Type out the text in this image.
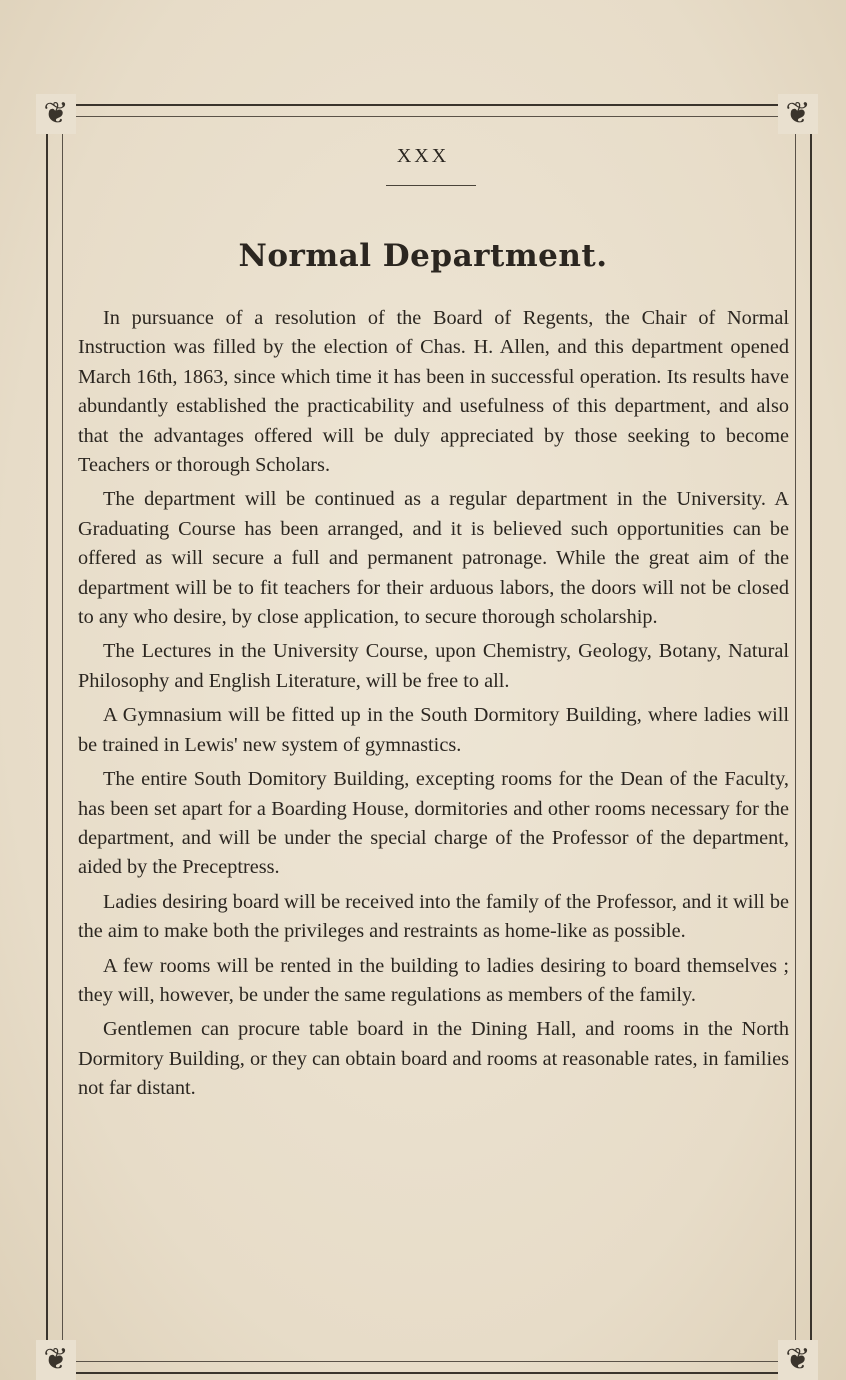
❦	❦
❦	❦
XXX
Normal Department.

In pursuance of a resolution of the Board of Regents, the Chair of Normal Instruction was filled by the election of Chas. H. Allen, and this department opened March 16th, 1863, since which time it has been in successful operation. Its results have abundantly established the practicability and usefulness of this department, and also that the advantages offered will be duly appreciated by those seeking to become Teachers or thorough Scholars.

The department will be continued as a regular department in the University. A Graduating Course has been arranged, and it is believed such opportunities can be offered as will secure a full and permanent patronage. While the great aim of the department will be to fit teachers for their arduous labors, the doors will not be closed to any who desire, by close application, to secure thorough scholarship.

The Lectures in the University Course, upon Chemistry, Geology, Botany, Natural Philosophy and English Literature, will be free to all.

A Gymnasium will be fitted up in the South Dormitory Building, where ladies will be trained in Lewis' new system of gymnastics.

The entire South Domitory Building, excepting rooms for the Dean of the Faculty, has been set apart for a Boarding House, dormitories and other rooms necessary for the department, and will be under the special charge of the Professor of the department, aided by the Preceptress.

Ladies desiring board will be received into the family of the Professor, and it will be the aim to make both the privileges and restraints as home-like as possible.

A few rooms will be rented in the building to ladies desiring to board themselves ; they will, however, be under the same regulations as members of the family.

Gentlemen can procure table board in the Dining Hall, and rooms in the North Dormitory Building, or they can obtain board and rooms at reasonable rates, in families not far distant.
